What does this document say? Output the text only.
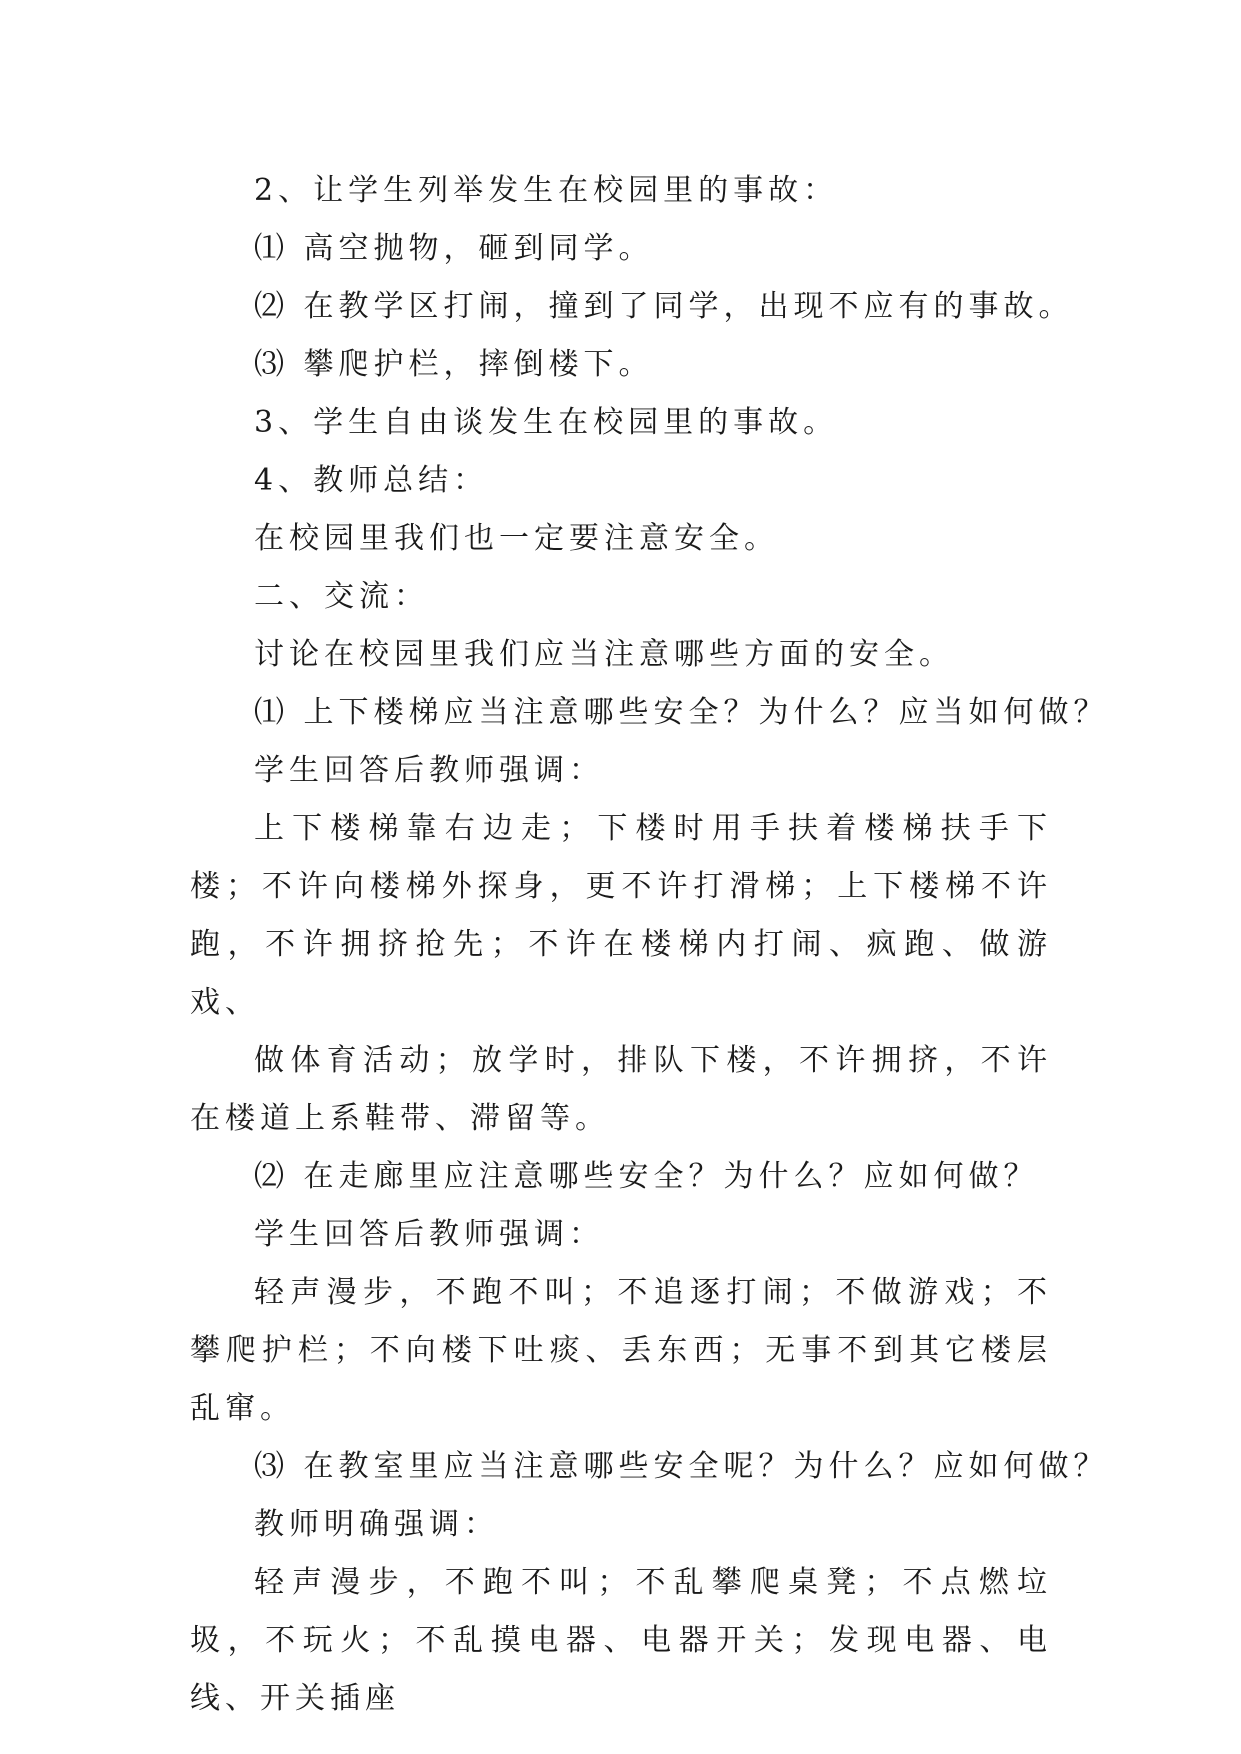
2、让学生列举发生在校园里的事故：

⑴ 高空抛物，砸到同学。

⑵ 在教学区打闹，撞到了同学，出现不应有的事故。

⑶ 攀爬护栏，摔倒楼下。

3、学生自由谈发生在校园里的事故。

4、教师总结：

在校园里我们也一定要注意安全。

二、交流：

讨论在校园里我们应当注意哪些方面的安全。

⑴ 上下楼梯应当注意哪些安全？为什么？应当如何做？

学生回答后教师强调：

上下楼梯靠右边走；下楼时用手扶着楼梯扶手下楼；不许向楼梯外探身，更不许打滑梯；上下楼梯不许跑，不许拥挤抢先；不许在楼梯内打闹、疯跑、做游戏、

做体育活动；放学时，排队下楼，不许拥挤，不许在楼道上系鞋带、滞留等。

⑵ 在走廊里应注意哪些安全？为什么？应如何做？

学生回答后教师强调：

轻声漫步，不跑不叫；不追逐打闹；不做游戏；不攀爬护栏；不向楼下吐痰、丢东西；无事不到其它楼层乱窜。

⑶ 在教室里应当注意哪些安全呢？为什么？应如何做？

教师明确强调：

轻声漫步，不跑不叫；不乱攀爬桌凳；不点燃垃圾，不玩火；不乱摸电器、电器开关；发现电器、电线、开关插座
